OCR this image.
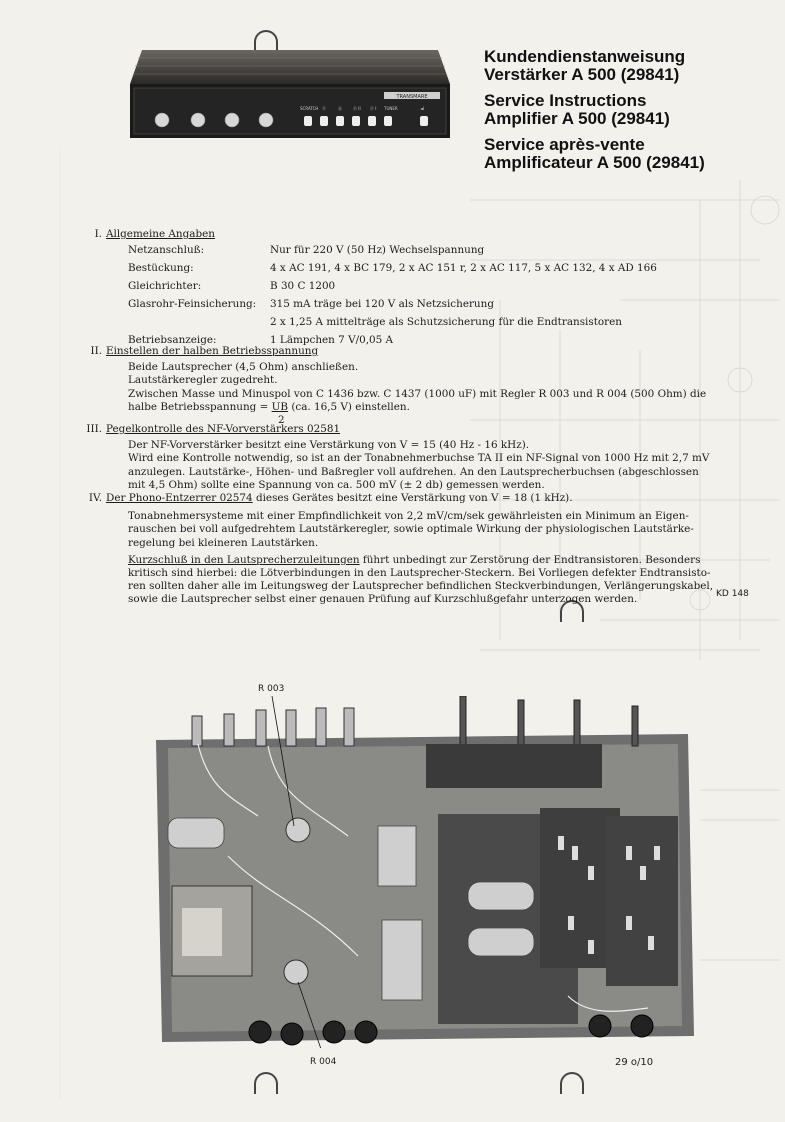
TRANSMARE
SCRATCH Ⓢ	Ⓠ	Ⓟ II Ⓟ I TUNER	◄I
Kundendienstanweisung
Verstärker A 500 (29841)
Service Instructions
Amplifier A 500 (29841)
Service après-vente
Amplificateur A 500 (29841)
I. Allgemeine Angaben
Netzanschluß:	Nur für 220 V (50 Hz) Wechselspannung
Bestückung:	4 x AC 191, 4 x BC 179, 2 x AC 151 r, 2 x AC 117, 5 x AC 132, 4 x AD 166
Gleichrichter:	B 30 C 1200
Glasrohr-Feinsicherung:	315 mA träge bei 120 V als Netzsicherung
2 x 1,25 A mittelträge als Schutzsicherung für die Endtransistoren
Betriebsanzeige:	1 Lämpchen 7 V/0,05 A
II. Einstellen der halben Betriebsspannung
Beide Lautsprecher (4,5 Ohm) anschließen.
Lautstärkeregler zugedreht.
Zwischen Masse und Minuspol von C 1436 bzw. C 1437 (1000 uF) mit Regler R 003 und R 004 (500 Ohm) die
halbe Betriebsspannung = UB (ca. 16,5 V) einstellen.
2
III. Pegelkontrolle des NF-Vorverstärkers 02581
Der NF-Vorverstärker besitzt eine Verstärkung von V = 15 (40 Hz - 16 kHz).
Wird eine Kontrolle notwendig, so ist an der Tonabnehmerbuchse TA II ein NF-Signal von 1000 Hz mit 2,7 mV
anzulegen. Lautstärke-, Höhen- und Baßregler voll aufdrehen. An den Lautsprecherbuchsen (abgeschlossen
mit 4,5 Ohm) sollte eine Spannung von ca. 500 mV (± 2 db) gemessen werden.
IV. Der Phono-Entzerrer 02574 dieses Gerätes besitzt eine Verstärkung von V = 18 (1 kHz).
Tonabnehmersysteme mit einer Empfindlichkeit von 2,2 mV/cm/sek gewährleisten ein Minimum an Eigen-
rauschen bei voll aufgedrehtem Lautstärkeregler, sowie optimale Wirkung der physiologischen Lautstärke-
regelung bei kleineren Lautstärken.
Kurzschluß in den Lautsprecherzuleitungen führt unbedingt zur Zerstörung der Endtransistoren. Besonders
kritisch sind hierbei: die Lötverbindungen in den Lautsprecher-Steckern. Bei Vorliegen defekter Endtransisto-
ren sollten daher alle im Leitungsweg der Lautsprecher befindlichen Steckverbindungen, Verlängerungskabel,
sowie die Lautsprecher selbst einer genauen Prüfung auf Kurzschlußgefahr unterzogen werden.	KD 148
R 003
R 004	29 o/10
